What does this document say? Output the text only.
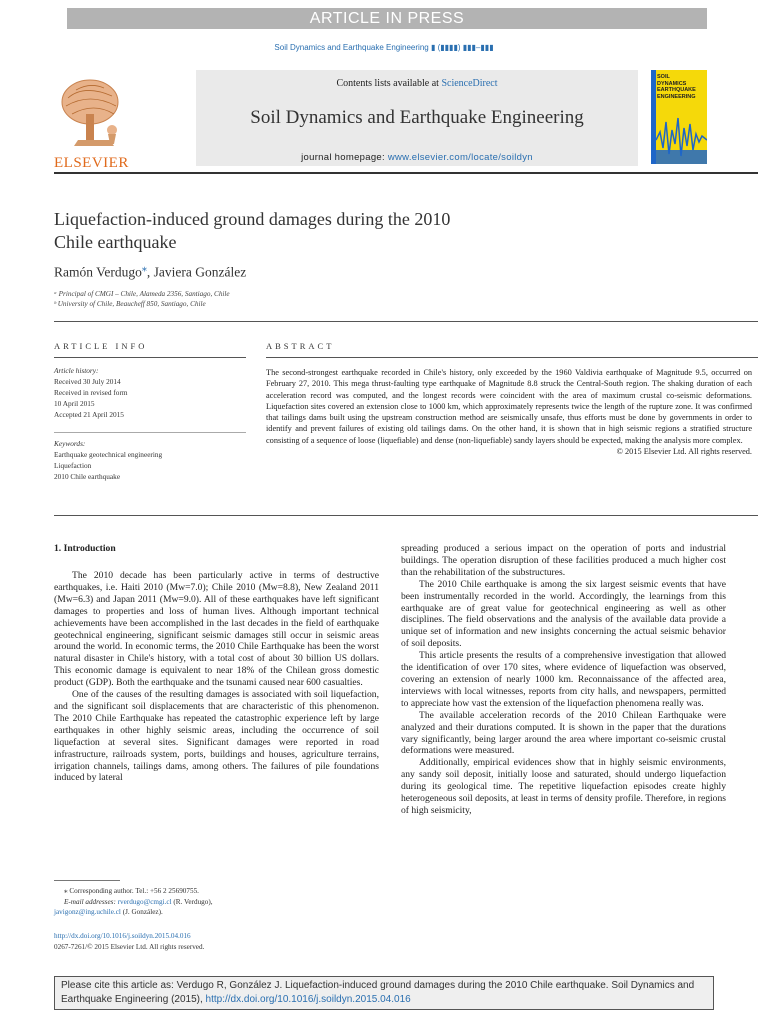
ARTICLE IN PRESS
Soil Dynamics and Earthquake Engineering ▮ (▮▮▮▮) ▮▮▮–▮▮▮
ELSEVIER
Contents lists available at ScienceDirect
Soil Dynamics and Earthquake Engineering
journal homepage: www.elsevier.com/locate/soildyn
SOIL
DYNAMICS
EARTHQUAKE
ENGINEERING
Liquefaction-induced ground damages during the 2010
Chile earthquake
Ramón Verdugo⁎, Javiera González
ᵃ Principal of CMGI – Chile, Alameda 2356, Santiago, Chile
ᵇ University of Chile, Beaucheff 850, Santiago, Chile
ARTICLE INFO
Article history:
Received 30 July 2014
Received in revised form
10 April 2015
Accepted 21 April 2015
Keywords:
Earthquake geotechnical engineering
Liquefaction
2010 Chile earthquake
ABSTRACT
The second-strongest earthquake recorded in Chile's history, only exceeded by the 1960 Valdivia earthquake of Magnitude 9.5, occurred on February 27, 2010. This mega thrust-faulting type earthquake of Magnitude 8.8 struck the Central-South region. The shaking duration of each acceleration record was computed, and the longest records were coincident with the area of maximum crustal co-seismic deformations. Liquefaction sites covered an extension close to 1000 km, which approximately represents twice the length of the rupture zone. It was confirmed that tailings dams built using the upstream construction method are seismically unsafe, thus efforts must be done by governments in order to identify and prevent failures of existing old tailings dams. On the other hand, it is shown that in high seismic regions a stratified structure consisting of a sequence of loose (liquefiable) and dense (non-liquefiable) sandy layers should be expected, making the analysis more complex.
© 2015 Elsevier Ltd. All rights reserved.
1. Introduction

The 2010 decade has been particularly active in terms of destructive earthquakes, i.e. Haiti 2010 (Mw=7.0); Chile 2010 (Mw=8.8), New Zealand 2011 (Mw=6.3) and Japan 2011 (Mw=9.0). All of these earthquakes have left significant damages to properties and loss of human lives. Although important technical achievements have been accomplished in the last decades in the field of earthquake geotechnical engineering, significant seismic damages still occur in seismic areas around the world. In economic terms, the 2010 Chile Earthquake has been the worst natural disaster in Chile's history, with a total cost of about 30 billion US dollars. This economic damage is equivalent to near 18% of the Chilean gross domestic product (GDP). Both the earthquake and the tsunami caused near 600 casualties.

One of the causes of the resulting damages is associated with soil liquefaction, and the significant soil displacements that are characteristic of this phenomenon. The 2010 Chile Earthquake has repeated the catastrophic experience left by large earthquakes in other highly seismic areas, including the occurrence of soil liquefaction at several sites. Significant damages were reported in road infrastructure, railroads system, ports, buildings and houses, agriculture terrains, irrigation channels, tailings dams, among others. The failures of pile foundations induced by lateral

spreading produced a serious impact on the operation of ports and industrial buildings. The operation disruption of these facilities produced a much higher cost than the rehabilitation of the substructures.

The 2010 Chile earthquake is among the six largest seismic events that have been instrumentally recorded in the world. Accordingly, the learnings from this earthquake are of great value for geotechnical engineering as well as other disciplines. The field observations and the analysis of the available data provide a unique set of information and new insights concerning the actual seismic behavior of soil deposits.

This article presents the results of a comprehensive investigation that allowed the identification of over 170 sites, where evidence of liquefaction was observed, covering an extension of nearly 1000 km. Reconnaissance of the affected area, interviews with local witnesses, reports from city halls, and newspapers, permitted to appreciate how vast the extension of the liquefaction phenomena really was.

The available acceleration records of the 2010 Chilean Earthquake were analyzed and their durations computed. It is shown in the paper that the durations vary significantly, being larger around the area where important co-seismic crustal deformations were measured.

Additionally, empirical evidences show that in highly seismic environments, any sandy soil deposit, initially loose and saturated, should undergo liquefaction during its geological time. The repetitive liquefaction episodes create highly heterogeneous soil deposits, at least in terms of density profile. Therefore, in regions of high seismicity,

⁎ Corresponding author. Tel.: +56 2 25690755.
E-mail addresses: rverdugo@cmgi.cl (R. Verdugo),
javigonz@ing.uchile.cl (J. González).
http://dx.doi.org/10.1016/j.soildyn.2015.04.016
0267-7261/© 2015 Elsevier Ltd. All rights reserved.
Please cite this article as: Verdugo R, González J. Liquefaction-induced ground damages during the 2010 Chile earthquake. Soil Dynamics and Earthquake Engineering (2015), http://dx.doi.org/10.1016/j.soildyn.2015.04.016
